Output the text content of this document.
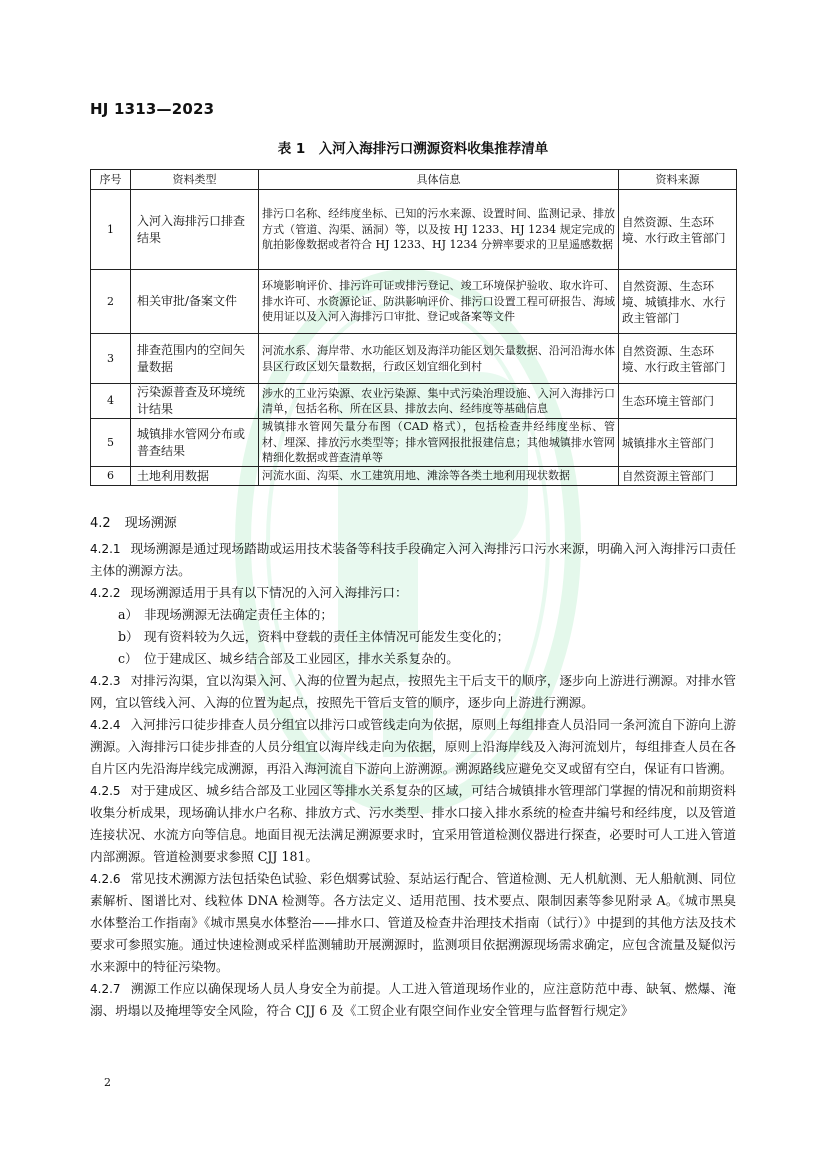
HJ 1313—2023
表 1　入河入海排污口溯源资料收集推荐清单
序号	资料类型	具体信息	资料来源
1	入河入海排污口排查结果	排污口名称、经纬度坐标、已知的污水来源、设置时间、监测记录、排放方式（管道、沟渠、涵洞）等，以及按 HJ 1233、HJ 1234 规定完成的航拍影像数据或者符合 HJ 1233、HJ 1234 分辨率要求的卫星遥感数据	自然资源、生态环境、水行政主管部门
2	相关审批/备案文件	环境影响评价、排污许可证或排污登记、竣工环境保护验收、取水许可、排水许可、水资源论证、防洪影响评价、排污口设置工程可研报告、海域使用证以及入河入海排污口审批、登记或备案等文件	自然资源、生态环境、城镇排水、水行政主管部门
3	排查范围内的空间矢量数据	河流水系、海岸带、水功能区划及海洋功能区划矢量数据、沿河沿海水体县区行政区划矢量数据，行政区划宜细化到村	自然资源、生态环境、水行政主管部门
4	污染源普查及环境统计结果	涉水的工业污染源、农业污染源、集中式污染治理设施、入河入海排污口清单，包括名称、所在区县、排放去向、经纬度等基础信息	生态环境主管部门
5	城镇排水管网分布或普查结果	城镇排水管网矢量分布图（CAD 格式），包括检查井经纬度坐标、管材、埋深、排放污水类型等；排水管网报批报建信息；其他城镇排水管网精细化数据或普查清单等	城镇排水主管部门
6	土地利用数据	河流水面、沟渠、水工建筑用地、滩涂等各类土地利用现状数据	自然资源主管部门
4.2 现场溯源

4.2.1 现场溯源是通过现场踏勘或运用技术装备等科技手段确定入河入海排污口污水来源，明确入河入海排污口责任主体的溯源方法。

4.2.2 现场溯源适用于具有以下情况的入河入海排污口：

a） 非现场溯源无法确定责任主体的；

b） 现有资料较为久远，资料中登载的责任主体情况可能发生变化的；

c） 位于建成区、城乡结合部及工业园区，排水关系复杂的。

4.2.3 对排污沟渠，宜以沟渠入河、入海的位置为起点，按照先主干后支干的顺序，逐步向上游进行溯源。对排水管网，宜以管线入河、入海的位置为起点，按照先干管后支管的顺序，逐步向上游进行溯源。

4.2.4 入河排污口徒步排查人员分组宜以排污口或管线走向为依据，原则上每组排查人员沿同一条河流自下游向上游溯源。入海排污口徒步排查的人员分组宜以海岸线走向为依据，原则上沿海岸线及入海河流划片，每组排查人员在各自片区内先沿海岸线完成溯源，再沿入海河流自下游向上游溯源。溯源路线应避免交叉或留有空白，保证有口皆溯。

4.2.5 对于建成区、城乡结合部及工业园区等排水关系复杂的区域，可结合城镇排水管理部门掌握的情况和前期资料收集分析成果，现场确认排水户名称、排放方式、污水类型、排水口接入排水系统的检查井编号和经纬度，以及管道连接状况、水流方向等信息。地面目视无法满足溯源要求时，宜采用管道检测仪器进行探查，必要时可人工进入管道内部溯源。管道检测要求参照 CJJ 181。

4.2.6 常见技术溯源方法包括染色试验、彩色烟雾试验、泵站运行配合、管道检测、无人机航测、无人船航测、同位素解析、图谱比对、线粒体 DNA 检测等。各方法定义、适用范围、技术要点、限制因素等参见附录 A。《城市黑臭水体整治工作指南》《城市黑臭水体整治——排水口、管道及检查井治理技术指南（试行）》中提到的其他方法及技术要求可参照实施。通过快速检测或采样监测辅助开展溯源时，监测项目依据溯源现场需求确定，应包含流量及疑似污水来源中的特征污染物。

4.2.7 溯源工作应以确保现场人员人身安全为前提。人工进入管道现场作业的，应注意防范中毒、缺氧、燃爆、淹溺、坍塌以及掩埋等安全风险，符合 CJJ 6 及《工贸企业有限空间作业安全管理与监督暂行规定》

2
